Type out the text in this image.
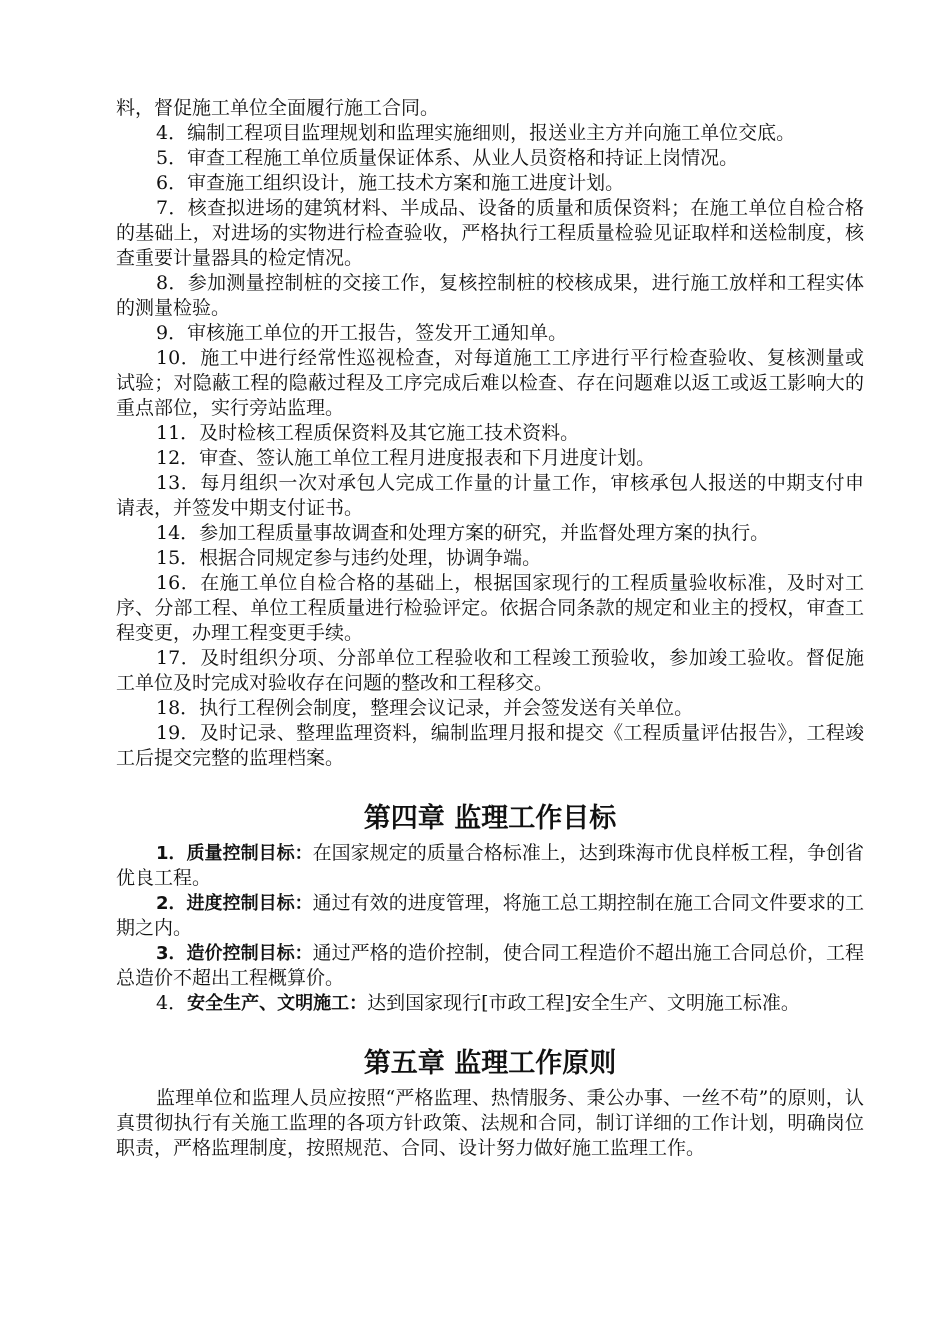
料，督促施工单位全面履行施工合同。

4．编制工程项目监理规划和监理实施细则，报送业主方并向施工单位交底。

5．审查工程施工单位质量保证体系、从业人员资格和持证上岗情况。

6．审查施工组织设计，施工技术方案和施工进度计划。

7．核查拟进场的建筑材料、半成品、设备的质量和质保资料；在施工单位自检合格的基础上，对进场的实物进行检查验收，严格执行工程质量检验见证取样和送检制度，核查重要计量器具的检定情况。

8．参加测量控制桩的交接工作，复核控制桩的校核成果，进行施工放样和工程实体的测量检验。

9．审核施工单位的开工报告，签发开工通知单。

10．施工中进行经常性巡视检查，对每道施工工序进行平行检查验收、复核测量或试验；对隐蔽工程的隐蔽过程及工序完成后难以检查、存在问题难以返工或返工影响大的重点部位，实行旁站监理。

11．及时检核工程质保资料及其它施工技术资料。

12．审查、签认施工单位工程月进度报表和下月进度计划。

13．每月组织一次对承包人完成工作量的计量工作，审核承包人报送的中期支付申请表，并签发中期支付证书。

14．参加工程质量事故调查和处理方案的研究，并监督处理方案的执行。

15．根据合同规定参与违约处理，协调争端。

16．在施工单位自检合格的基础上，根据国家现行的工程质量验收标准，及时对工序、分部工程、单位工程质量进行检验评定。依据合同条款的规定和业主的授权，审查工程变更，办理工程变更手续。

17．及时组织分项、分部单位工程验收和工程竣工预验收，参加竣工验收。督促施工单位及时完成对验收存在问题的整改和工程移交。

18．执行工程例会制度，整理会议记录，并会签发送有关单位。

19．及时记录、整理监理资料，编制监理月报和提交《工程质量评估报告》，工程竣工后提交完整的监理档案。

第四章 监理工作目标

1．质量控制目标：在国家规定的质量合格标准上，达到珠海市优良样板工程，争创省优良工程。

2．进度控制目标：通过有效的进度管理，将施工总工期控制在施工合同文件要求的工期之内。

3．造价控制目标：通过严格的造价控制，使合同工程造价不超出施工合同总价，工程总造价不超出工程概算价。

4．安全生产、文明施工：达到国家现行[市政工程]安全生产、文明施工标准。

第五章 监理工作原则

监理单位和监理人员应按照“严格监理、热情服务、秉公办事、一丝不苟”的原则，认真贯彻执行有关施工监理的各项方针政策、法规和合同，制订详细的工作计划，明确岗位职责，严格监理制度，按照规范、合同、设计努力做好施工监理工作。
